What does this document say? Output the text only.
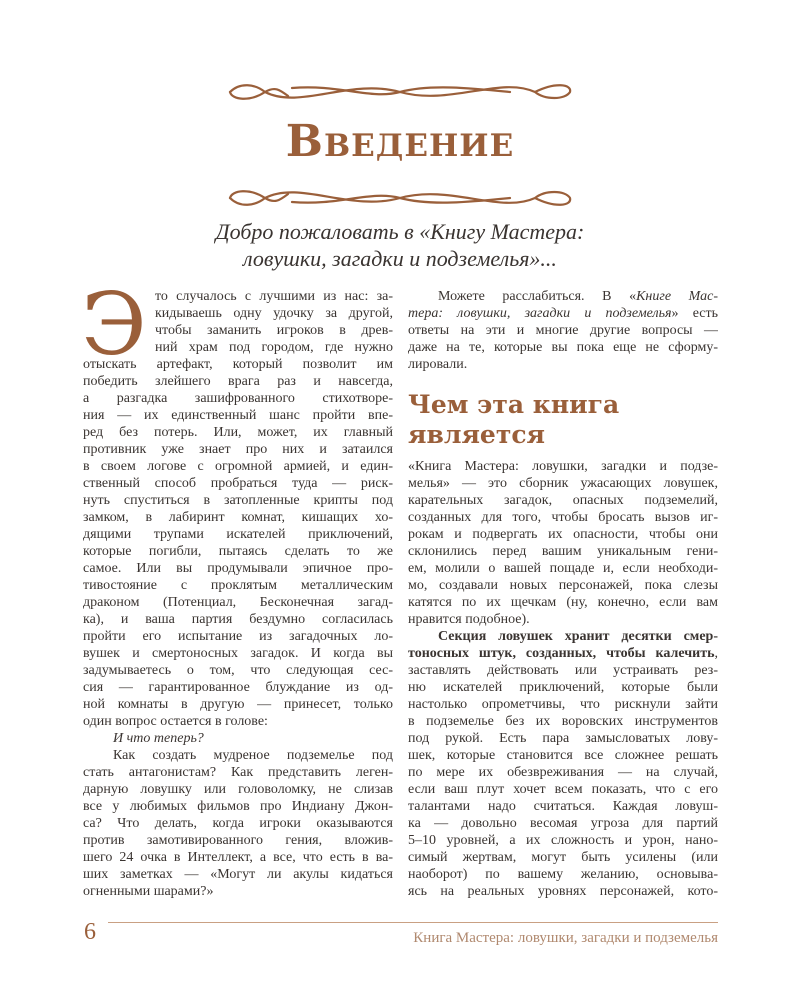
Введение
Добро пожаловать в «Книгу Мастера:
ловушки, загадки и подземелья»...
Э то случалось с лучшими из нас: за-
кидываешь одну удочку за другой,
чтобы заманить игроков в древ-
ний храм под городом, где нужно
отыскать артефакт, который позволит им
победить злейшего врага раз и навсегда,
а разгадка зашифрованного стихотворе-
ния — их единственный шанс пройти впе-
ред без потерь. Или, может, их главный
противник уже знает про них и затаился
в своем логове с огромной армией, и един-
ственный способ пробраться туда — риск-
нуть спуститься в затопленные крипты под
замком, в лабиринт комнат, кишащих хо-
дящими трупами искателей приключений,
которые погибли, пытаясь сделать то же
самое. Или вы продумывали эпичное про-
тивостояние с проклятым металлическим
драконом (Потенциал, Бесконечная загад-
ка), и ваша партия бездумно согласилась
пройти его испытание из загадочных ло-
вушек и смертоносных загадок. И когда вы
задумываетесь о том, что следующая сес-
сия — гарантированное блуждание из од-
ной комнаты в другую — принесет, только
один вопрос остается в голове:
И что теперь?
Как создать мудреное подземелье под
стать антагонистам? Как представить леген-
дарную ловушку или головоломку, не слизав
все у любимых фильмов про Индиану Джон-
са? Что делать, когда игроки оказываются
против замотивированного гения, вложив-
шего 24 очка в Интеллект, а все, что есть в ва-
ших заметках — «Могут ли акулы кидаться
огненными шарами?»
Можете расслабиться. В «Книге Мас-
тера: ловушки, загадки и подземелья» есть
ответы на эти и многие другие вопросы —
даже на те, которые вы пока еще не сформу-
лировали.
Чем эта книга
является
«Книга Мастера: ловушки, загадки и подзе-
мелья» — это сборник ужасающих ловушек,
карательных загадок, опасных подземелий,
созданных для того, чтобы бросать вызов иг-
рокам и подвергать их опасности, чтобы они
склонились перед вашим уникальным гени-
ем, молили о вашей пощаде и, если необходи-
мо, создавали новых персонажей, пока слезы
катятся по их щечкам (ну, конечно, если вам
нравится подобное).
Секция ловушек хранит десятки смер-
тоносных штук, созданных, чтобы калечить,
заставлять действовать или устраивать рез-
ню искателей приключений, которые были
настолько опрометчивы, что рискнули зайти
в подземелье без их воровских инструментов
под рукой. Есть пара замысловатых лову-
шек, которые становится все сложнее решать
по мере их обезвреживания — на случай,
если ваш плут хочет всем показать, что с его
талантами надо считаться. Каждая ловуш-
ка — довольно весомая угроза для партий
5–10 уровней, а их сложность и урон, нано-
симый жертвам, могут быть усилены (или
наоборот) по вашему желанию, основыва-
ясь на реальных уровнях персонажей, кото-
6	Книга Мастера: ловушки, загадки и подземелья
